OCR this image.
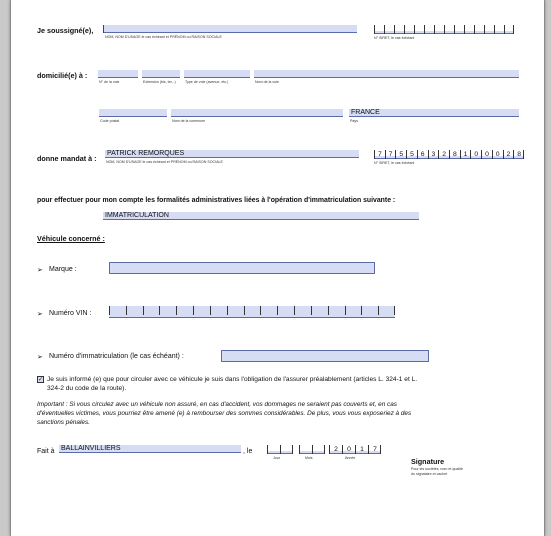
Je soussigné(e),
NOM, NOM D'USAGE le cas échéant et PRÉNOM ou RAISON SOCIALE	N° SIRET, le cas échéant
domicilié(e) à :
N° de la voie	Extension (bis, ter...)	Type de voie (avenue, etc.)	Nom de la voie
FRANCE
Code postal	Nom de la commune	Pays
donne mandat à :
PATRICK REMORQUES
NOM, NOM D'USAGE le cas échéant et PRÉNOM ou RAISON SOCIALE
7	7	5	5	6	3	2	8	1	0	0	0	2	8
N° SIRET, le cas échéant
pour effectuer pour mon compte les formalités administratives liées à l'opération d'immatriculation suivante :
IMMATRICULATION
Véhicule concerné :
➢ Marque :
➢ Numéro VIN :
➢ Numéro d'immatriculation (le cas échéant) :
✓ Je suis informé (e) que pour circuler avec ce véhicule je suis dans l'obligation de l'assurer préalablement (articles L. 324-1 et L.
324-2 du code de la route).
Important : Si vous circulez avec un véhicule non assuré, en cas d'accident, vos dommages ne seraient pas couverts et, en cas
d'éventuelles victimes, vous pourriez être amené (e) à rembourser des sommes considérables. De plus, vous vous exposeriez à des
sanctions pénales.
Fait à BALLAINVILLIERS	, le	2	0	1	7
Jour	Mois	Année	Signature
Pour les sociétés, nom et qualité
du signataire et cachet
